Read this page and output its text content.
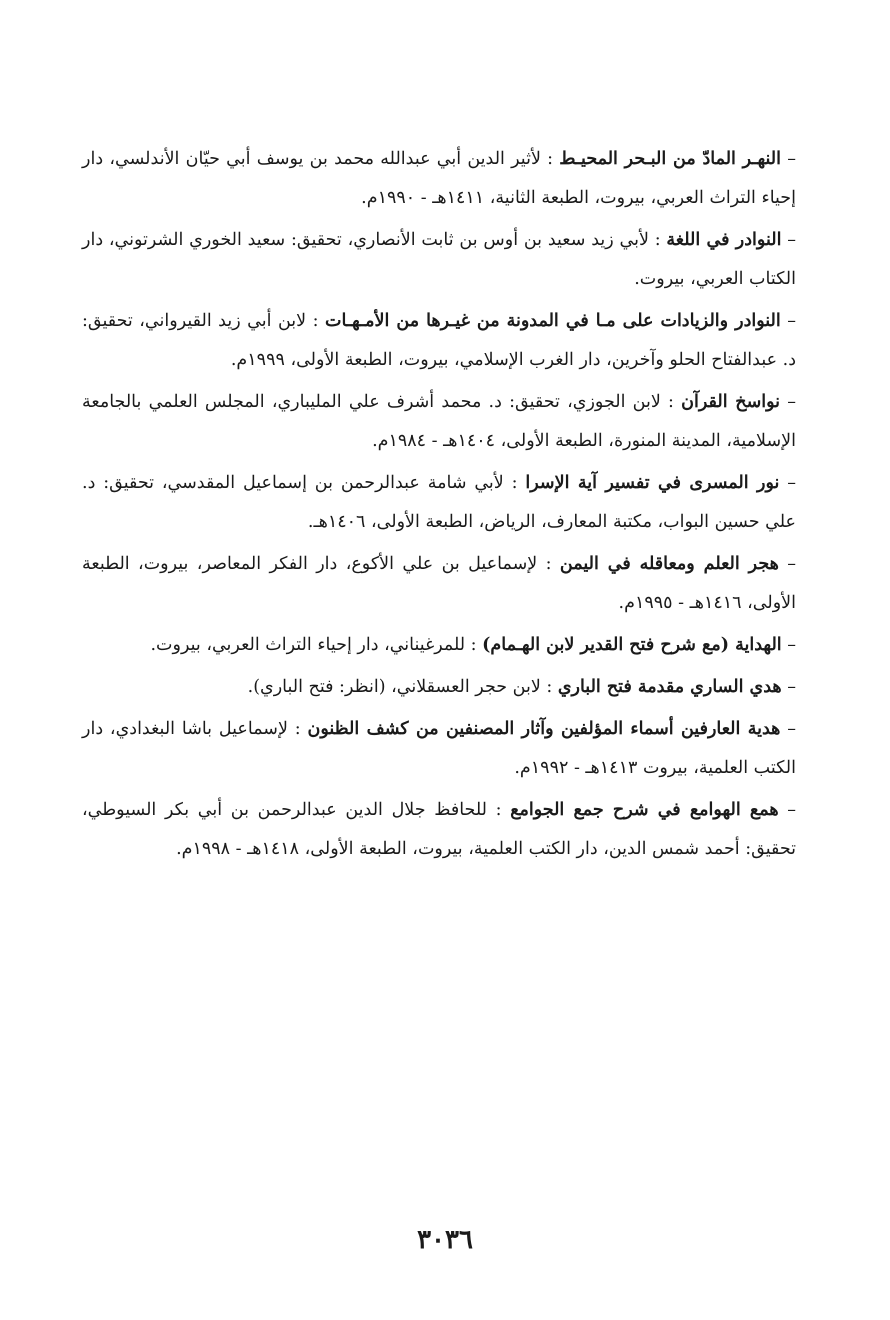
– النهـر المادّ من البـحر المحيـط : لأثير الدين أبي عبدالله محمد بن يوسف أبي حيّان الأندلسي، دار إحياء التراث العربي، بيروت، الطبعة الثانية، ١٤١١هـ - ١٩٩٠م.

– النوادر في اللغة : لأبي زيد سعيد بن أوس بن ثابت الأنصاري، تحقيق: سعيد الخوري الشرتوني، دار الكتاب العربي، بيروت.

– النوادر والزيادات على مـا في المدونة من غيـرها من الأمـهـات : لابن أبي زيد القيرواني، تحقيق: د. عبدالفتاح الحلو وآخرين، دار الغرب الإسلامي، بيروت، الطبعة الأولى، ١٩٩٩م.

– نواسخ القرآن : لابن الجوزي، تحقيق: د. محمد أشرف علي المليباري، المجلس العلمي بالجامعة الإسلامية، المدينة المنورة، الطبعة الأولى، ١٤٠٤هـ - ١٩٨٤م.

– نور المسرى في تفسير آية الإسرا : لأبي شامة عبدالرحمن بن إسماعيل المقدسي، تحقيق: د. علي حسين البواب، مكتبة المعارف، الرياض، الطبعة الأولى، ١٤٠٦هـ.

– هجر العلم ومعاقله في اليمن : لإسماعيل بن علي الأكوع، دار الفكر المعاصر، بيروت، الطبعة الأولى، ١٤١٦هـ - ١٩٩٥م.

– الهداية (مع شرح فتح القدير لابن الهـمام) : للمرغيناني، دار إحياء التراث العربي، بيروت.

– هدي الساري مقدمة فتح الباري : لابن حجر العسقلاني، (انظر: فتح الباري).

– هدية العارفين أسماء المؤلفين وآثار المصنفين من كشف الظنون : لإسماعيل باشا البغدادي، دار الكتب العلمية، بيروت ١٤١٣هـ - ١٩٩٢م.

– همع الهوامع في شرح جمع الجوامع : للحافظ جلال الدين عبدالرحمن بن أبي بكر السيوطي، تحقيق: أحمد شمس الدين، دار الكتب العلمية، بيروت، الطبعة الأولى، ١٤١٨هـ - ١٩٩٨م.

٣٠٣٦
